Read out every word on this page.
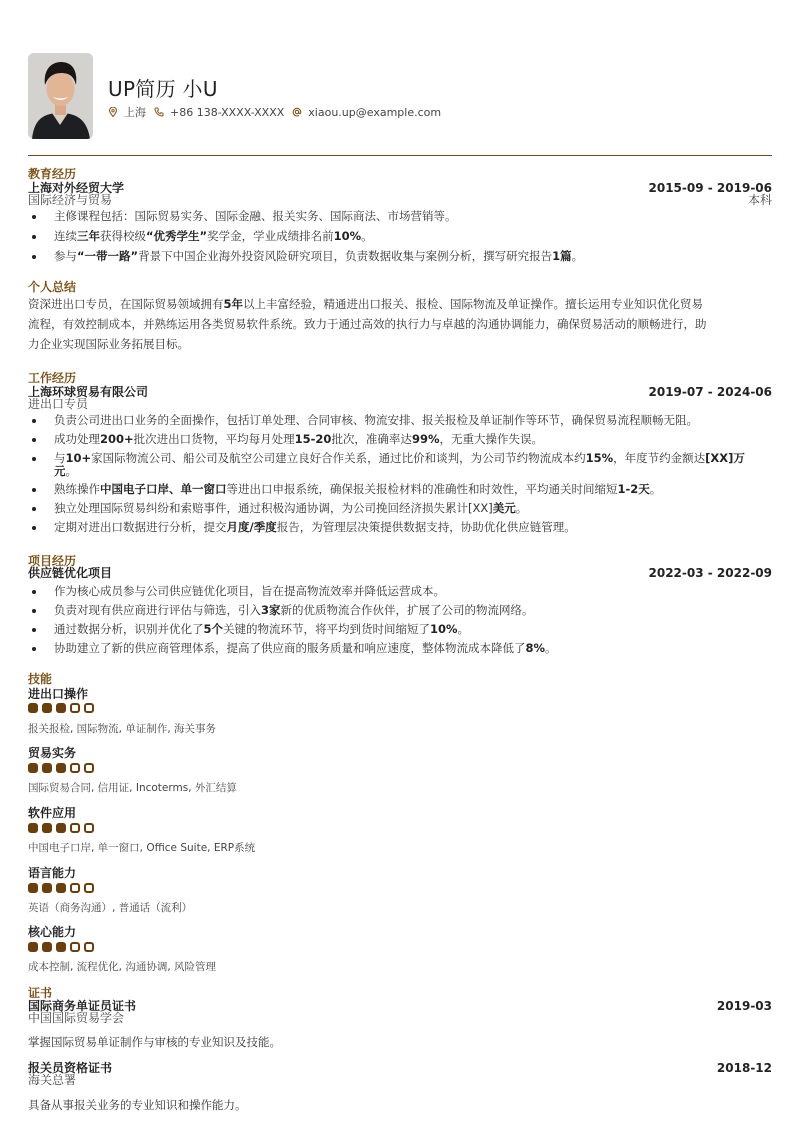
UP简历 小U
上海 +86 138-XXXX-XXXX xiaou.up@example.com
教育经历
上海对外经贸大学	2015-09 - 2019-06
国际经济与贸易	本科
主修课程包括：国际贸易实务、国际金融、报关实务、国际商法、市场营销等。
连续三年获得校级“优秀学生”奖学金，学业成绩排名前10%。
参与“一带一路”背景下中国企业海外投资风险研究项目，负责数据收集与案例分析，撰写研究报告1篇。
个人总结
资深进出口专员，在国际贸易领域拥有5年以上丰富经验，精通进出口报关、报检、国际物流及单证操作。擅长运用专业知识优化贸易
流程，有效控制成本，并熟练运用各类贸易软件系统。致力于通过高效的执行力与卓越的沟通协调能力，确保贸易活动的顺畅进行，助
力企业实现国际业务拓展目标。
工作经历
上海环球贸易有限公司	2019-07 - 2024-06
进出口专员
负责公司进出口业务的全面操作，包括订单处理、合同审核、物流安排、报关报检及单证制作等环节，确保贸易流程顺畅无阻。
成功处理200+批次进出口货物，平均每月处理15-20批次，准确率达99%，无重大操作失误。
与10+家国际物流公司、船公司及航空公司建立良好合作关系，通过比价和谈判，为公司节约物流成本约15%，年度节约金额达[XX]万元。
熟练操作中国电子口岸、单一窗口等进出口申报系统，确保报关报检材料的准确性和时效性，平均通关时间缩短1-2天。
独立处理国际贸易纠纷和索赔事件，通过积极沟通协调，为公司挽回经济损失累计[XX]美元。
定期对进出口数据进行分析，提交月度/季度报告，为管理层决策提供数据支持，协助优化供应链管理。
项目经历
供应链优化项目	2022-03 - 2022-09
作为核心成员参与公司供应链优化项目，旨在提高物流效率并降低运营成本。
负责对现有供应商进行评估与筛选，引入3家新的优质物流合作伙伴，扩展了公司的物流网络。
通过数据分析，识别并优化了5个关键的物流环节，将平均到货时间缩短了10%。
协助建立了新的供应商管理体系，提高了供应商的服务质量和响应速度，整体物流成本降低了8%。
技能
进出口操作
报关报检, 国际物流, 单证制作, 海关事务
贸易实务
国际贸易合同, 信用证, Incoterms, 外汇结算
软件应用
中国电子口岸, 单一窗口, Office Suite, ERP系统
语言能力
英语（商务沟通）, 普通话（流利）
核心能力
成本控制, 流程优化, 沟通协调, 风险管理
证书
国际商务单证员证书	2019-03
中国国际贸易学会
掌握国际贸易单证制作与审核的专业知识及技能。
报关员资格证书	2018-12
海关总署
具备从事报关业务的专业知识和操作能力。
